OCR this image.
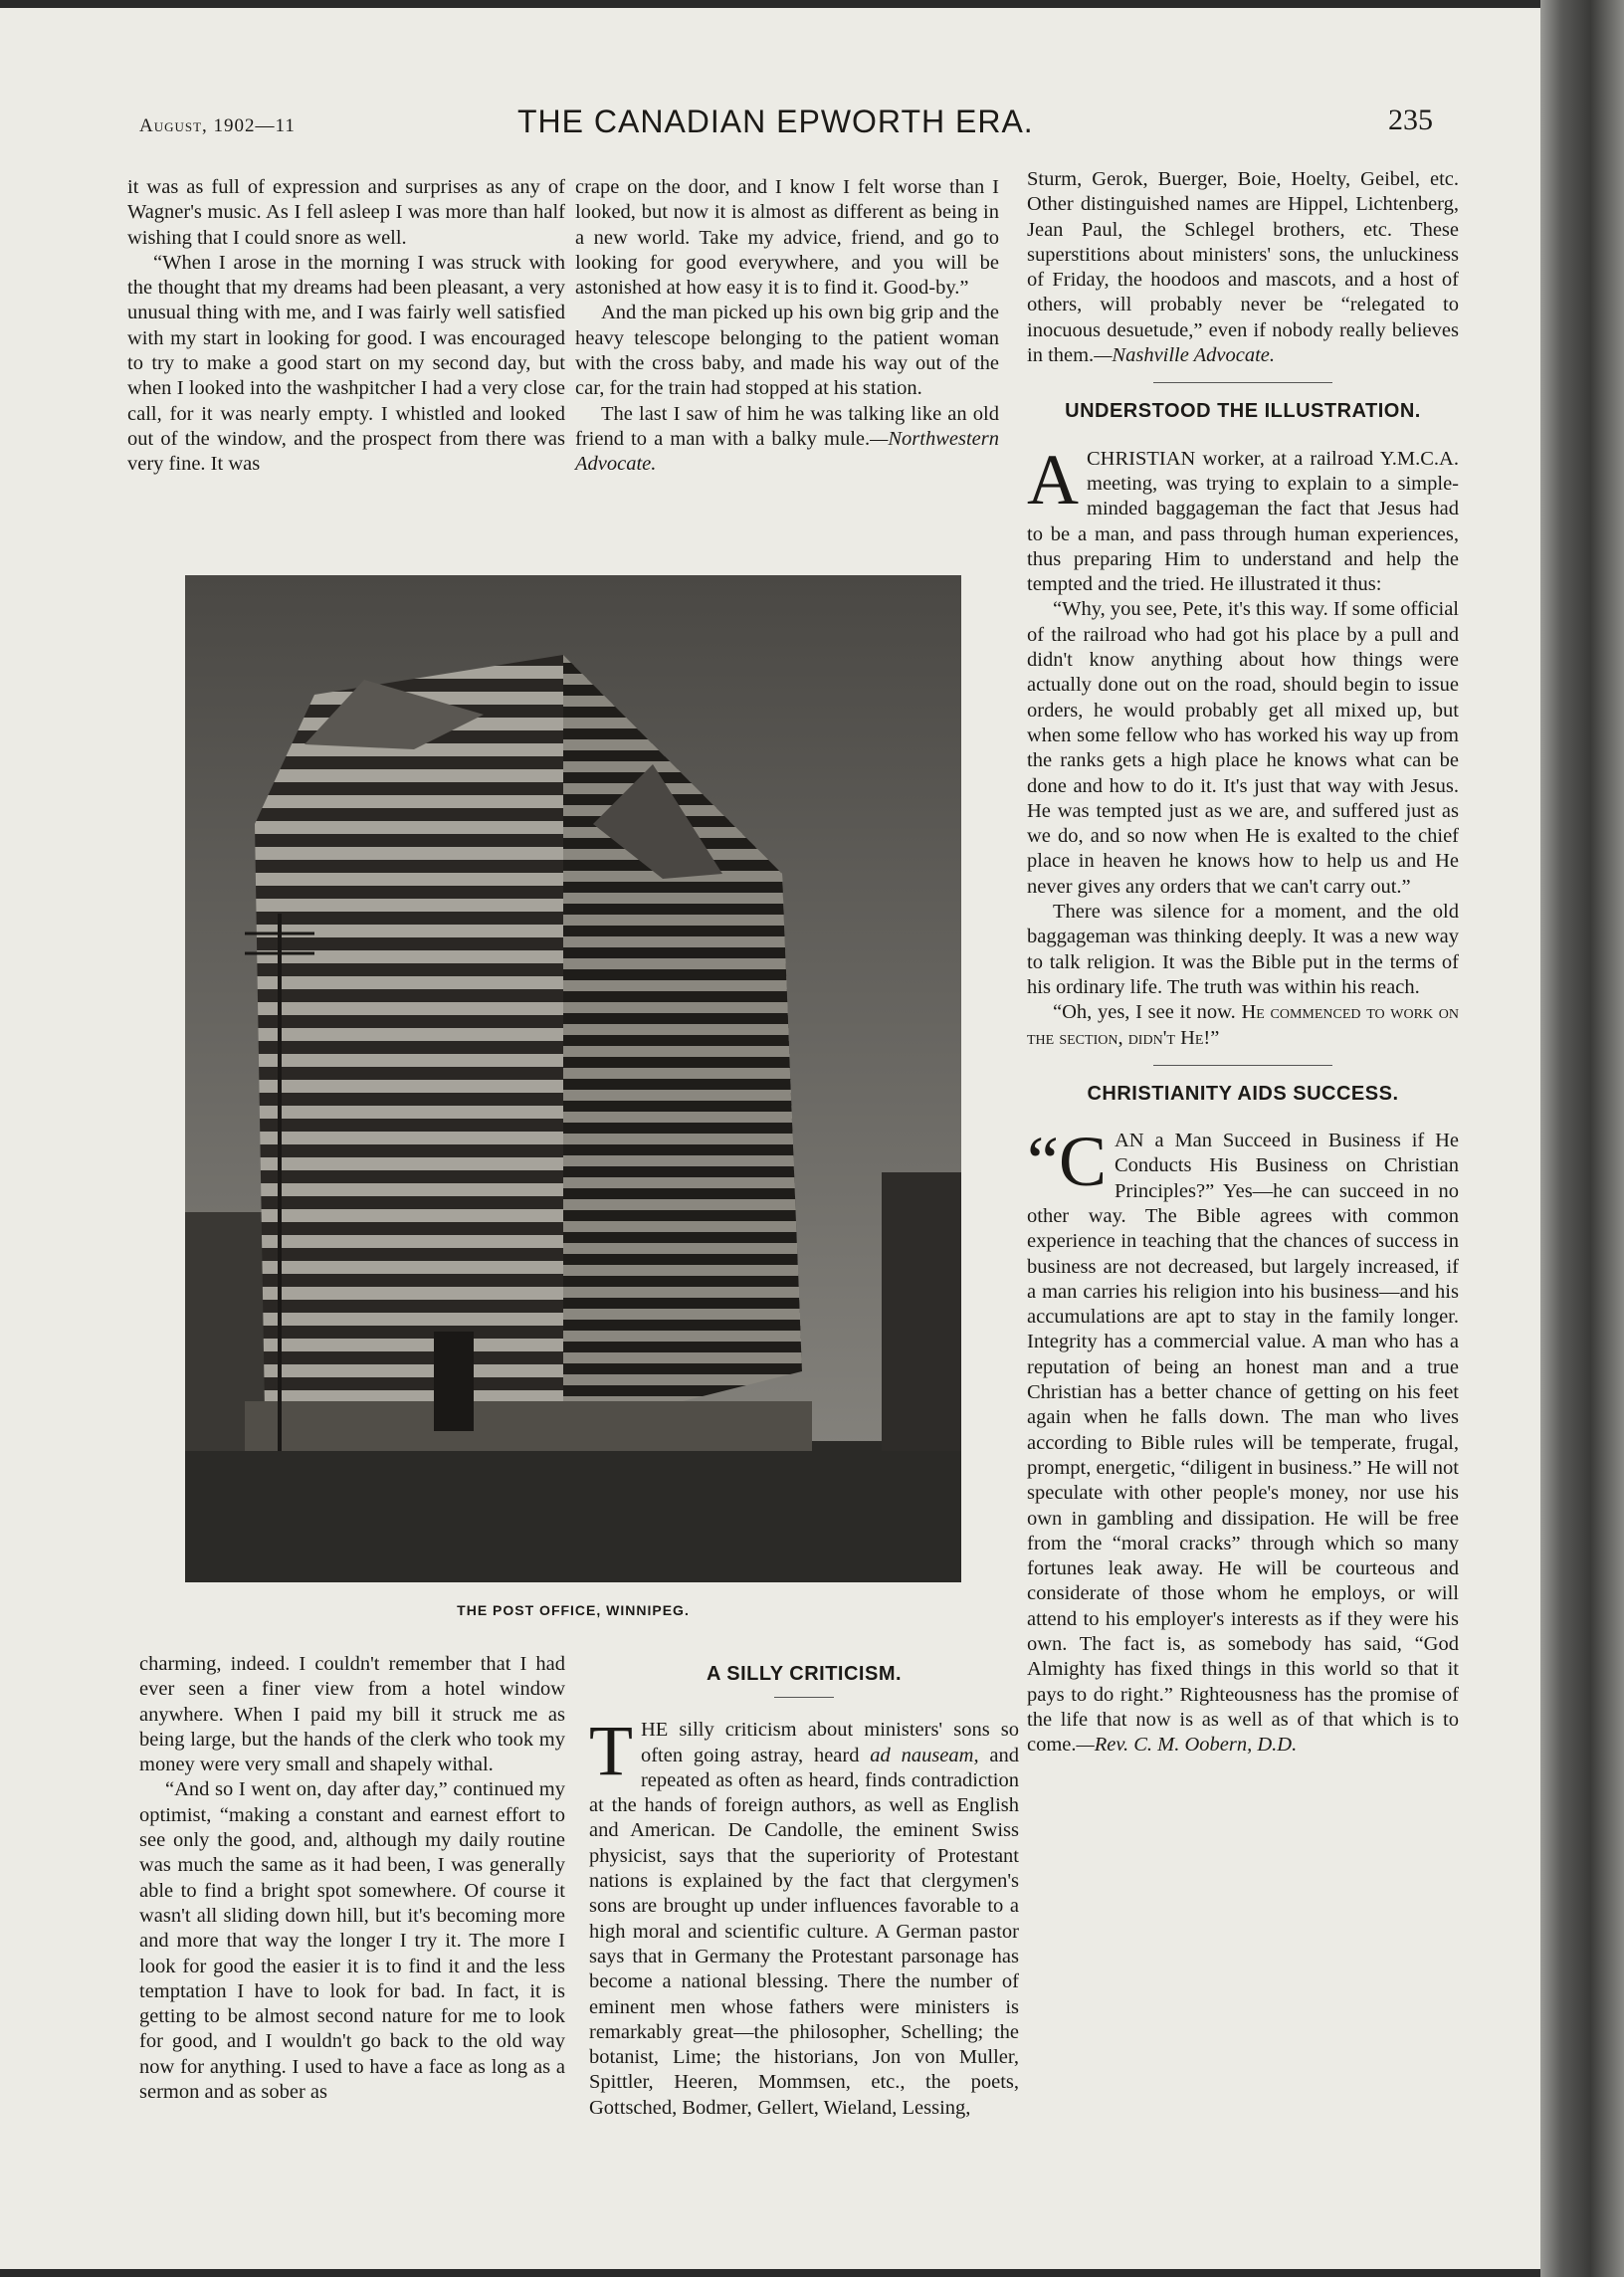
August, 1902—11	THE CANADIAN EPWORTH ERA.	235

it was as full of expression and surprises as any of Wagner's music. As I fell asleep I was more than half wishing that I could snore as well.

“When I arose in the morning I was struck with the thought that my dreams had been pleasant, a very unusual thing with me, and I was fairly well satisfied with my start in looking for good. I was encouraged to try to make a good start on my second day, but when I looked into the washpitcher I had a very close call, for it was nearly empty. I whistled and looked out of the window, and the prospect from there was very fine. It was

crape on the door, and I know I felt worse than I looked, but now it is almost as different as being in a new world. Take my advice, friend, and go to looking for good everywhere, and you will be astonished at how easy it is to find it. Good-by.”

And the man picked up his own big grip and the heavy telescope belonging to the patient woman with the cross baby, and made his way out of the car, for the train had stopped at his station.

The last I saw of him he was talking like an old friend to a man with a balky mule.—Northwestern Advocate.

THE POST OFFICE, WINNIPEG.

charming, indeed. I couldn't remember that I had ever seen a finer view from a hotel window anywhere. When I paid my bill it struck me as being large, but the hands of the clerk who took my money were very small and shapely withal.

“And so I went on, day after day,” continued my optimist, “making a constant and earnest effort to see only the good, and, although my daily routine was much the same as it had been, I was generally able to find a bright spot somewhere. Of course it wasn't all sliding down hill, but it's becoming more and more that way the longer I try it. The more I look for good the easier it is to find it and the less temptation I have to look for bad. In fact, it is getting to be almost second nature for me to look for good, and I wouldn't go back to the old way now for anything. I used to have a face as long as a sermon and as sober as

A SILLY CRITICISM.

THE silly criticism about ministers' sons so often going astray, heard ad nauseam, and repeated as often as heard, finds contradiction at the hands of foreign authors, as well as English and American. De Candolle, the eminent Swiss physicist, says that the superiority of Protestant nations is explained by the fact that clergymen's sons are brought up under influences favorable to a high moral and scientific culture. A German pastor says that in Germany the Protestant parsonage has become a national blessing. There the number of eminent men whose fathers were ministers is remarkably great—the philosopher, Schelling; the botanist, Lime; the historians, Jon von Muller, Spittler, Heeren, Mommsen, etc., the poets, Gottsched, Bodmer, Gellert, Wieland, Lessing,

Sturm, Gerok, Buerger, Boie, Hoelty, Geibel, etc. Other distinguished names are Hippel, Lichtenberg, Jean Paul, the Schlegel brothers, etc. These superstitions about ministers' sons, the unluckiness of Friday, the hoodoos and mascots, and a host of others, will probably never be “relegated to inocuous desuetude,” even if nobody really believes in them.—Nashville Advocate.

UNDERSTOOD THE ILLUSTRATION.

ACHRISTIAN worker, at a railroad Y.M.C.A. meeting, was trying to explain to a simple-minded baggageman the fact that Jesus had to be a man, and pass through human experiences, thus preparing Him to understand and help the tempted and the tried. He illustrated it thus:

“Why, you see, Pete, it's this way. If some official of the railroad who had got his place by a pull and didn't know anything about how things were actually done out on the road, should begin to issue orders, he would probably get all mixed up, but when some fellow who has worked his way up from the ranks gets a high place he knows what can be done and how to do it. It's just that way with Jesus. He was tempted just as we are, and suffered just as we do, and so now when He is exalted to the chief place in heaven he knows how to help us and He never gives any orders that we can't carry out.”

There was silence for a moment, and the old baggageman was thinking deeply. It was a new way to talk religion. It was the Bible put in the terms of his ordinary life. The truth was within his reach.

“Oh, yes, I see it now. He commenced to work on the section, didn't He!”

CHRISTIANITY AIDS SUCCESS.

“CAN a Man Succeed in Business if He Conducts His Business on Christian Principles?” Yes—he can succeed in no other way. The Bible agrees with common experience in teaching that the chances of success in business are not decreased, but largely increased, if a man carries his religion into his business—and his accumulations are apt to stay in the family longer. Integrity has a commercial value. A man who has a reputation of being an honest man and a true Christian has a better chance of getting on his feet again when he falls down. The man who lives according to Bible rules will be temperate, frugal, prompt, energetic, “diligent in business.” He will not speculate with other people's money, nor use his own in gambling and dissipation. He will be free from the “moral cracks” through which so many fortunes leak away. He will be courteous and considerate of those whom he employs, or will attend to his employer's interests as if they were his own. The fact is, as somebody has said, “God Almighty has fixed things in this world so that it pays to do right.” Righteousness has the promise of the life that now is as well as of that which is to come.—Rev. C. M. Oobern, D.D.
